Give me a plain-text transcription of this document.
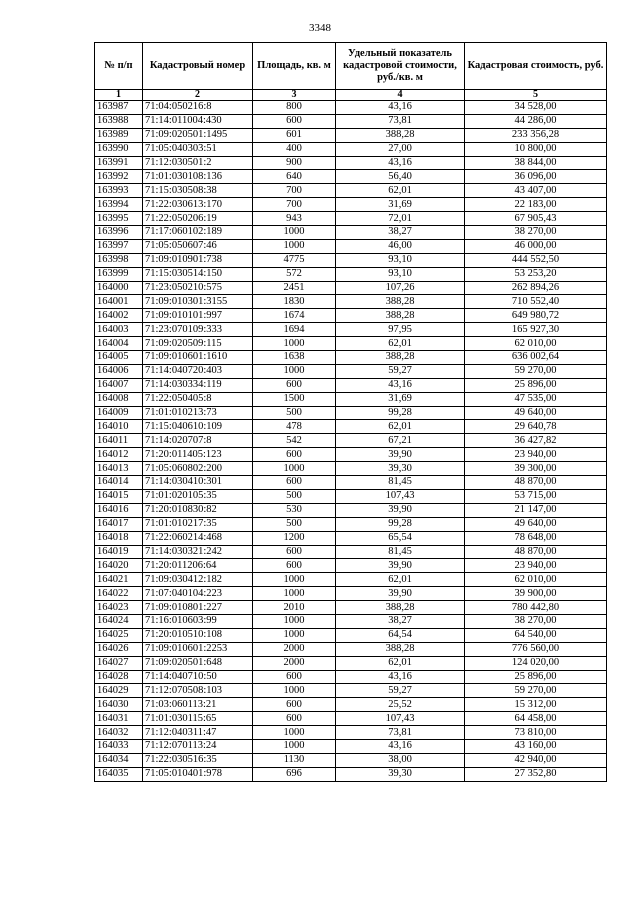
3348
№ п/п	Кадастровый номер	Площадь, кв. м	Удельный показатель кадастровой стоимости, руб./кв. м	Кадастровая стоимость, руб.
1	2	3	4	5
163987	71:04:050216:8	800	43,16	34 528,00
163988	71:14:011004:430	600	73,81	44 286,00
163989	71:09:020501:1495	601	388,28	233 356,28
163990	71:05:040303:51	400	27,00	10 800,00
163991	71:12:030501:2	900	43,16	38 844,00
163992	71:01:030108:136	640	56,40	36 096,00
163993	71:15:030508:38	700	62,01	43 407,00
163994	71:22:030613:170	700	31,69	22 183,00
163995	71:22:050206:19	943	72,01	67 905,43
163996	71:17:060102:189	1000	38,27	38 270,00
163997	71:05:050607:46	1000	46,00	46 000,00
163998	71:09:010901:738	4775	93,10	444 552,50
163999	71:15:030514:150	572	93,10	53 253,20
164000	71:23:050210:575	2451	107,26	262 894,26
164001	71:09:010301:3155	1830	388,28	710 552,40
164002	71:09:010101:997	1674	388,28	649 980,72
164003	71:23:070109:333	1694	97,95	165 927,30
164004	71:09:020509:115	1000	62,01	62 010,00
164005	71:09:010601:1610	1638	388,28	636 002,64
164006	71:14:040720:403	1000	59,27	59 270,00
164007	71:14:030334:119	600	43,16	25 896,00
164008	71:22:050405:8	1500	31,69	47 535,00
164009	71:01:010213:73	500	99,28	49 640,00
164010	71:15:040610:109	478	62,01	29 640,78
164011	71:14:020707:8	542	67,21	36 427,82
164012	71:20:011405:123	600	39,90	23 940,00
164013	71:05:060802:200	1000	39,30	39 300,00
164014	71:14:030410:301	600	81,45	48 870,00
164015	71:01:020105:35	500	107,43	53 715,00
164016	71:20:010830:82	530	39,90	21 147,00
164017	71:01:010217:35	500	99,28	49 640,00
164018	71:22:060214:468	1200	65,54	78 648,00
164019	71:14:030321:242	600	81,45	48 870,00
164020	71:20:011206:64	600	39,90	23 940,00
164021	71:09:030412:182	1000	62,01	62 010,00
164022	71:07:040104:223	1000	39,90	39 900,00
164023	71:09:010801:227	2010	388,28	780 442,80
164024	71:16:010603:99	1000	38,27	38 270,00
164025	71:20:010510:108	1000	64,54	64 540,00
164026	71:09:010601:2253	2000	388,28	776 560,00
164027	71:09:020501:648	2000	62,01	124 020,00
164028	71:14:040710:50	600	43,16	25 896,00
164029	71:12:070508:103	1000	59,27	59 270,00
164030	71:03:060113:21	600	25,52	15 312,00
164031	71:01:030115:65	600	107,43	64 458,00
164032	71:12:040311:47	1000	73,81	73 810,00
164033	71:12:070113:24	1000	43,16	43 160,00
164034	71:22:030516:35	1130	38,00	42 940,00
164035	71:05:010401:978	696	39,30	27 352,80
